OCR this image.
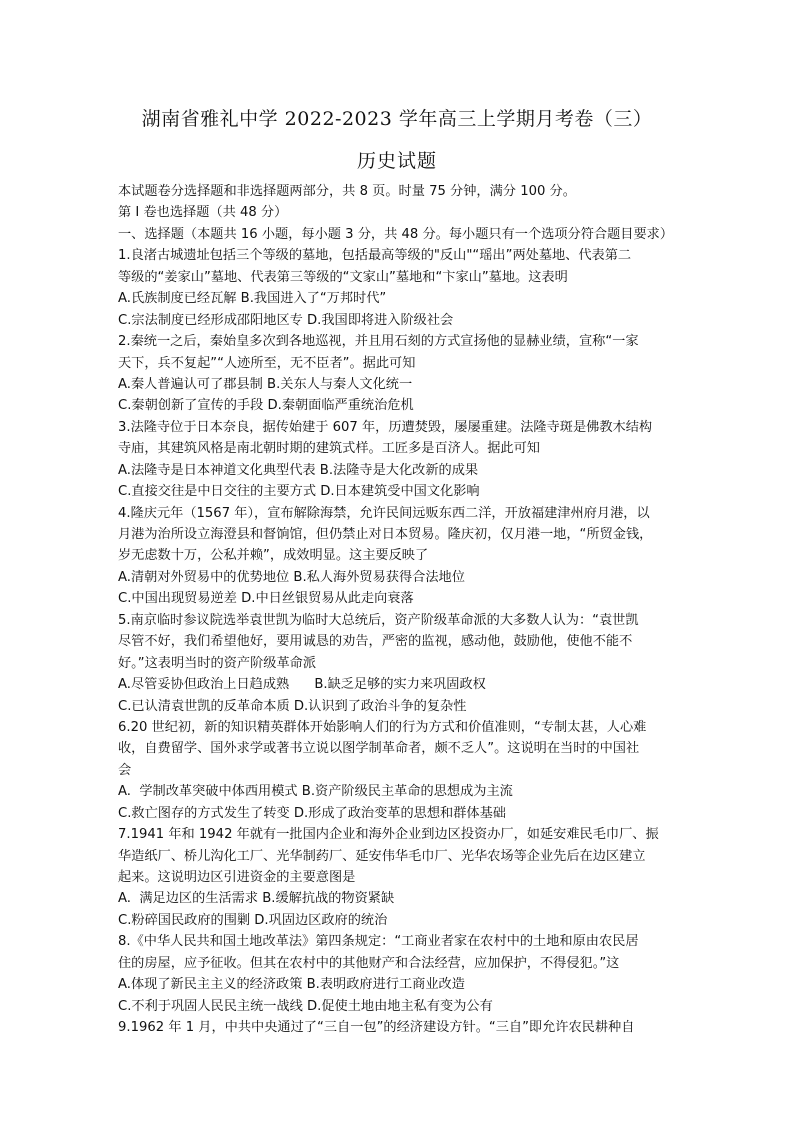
湖南省雅礼中学 2022-2023 学年高三上学期月考卷（三）
历史试题
本试题卷分选择题和非选择题两部分，共 8 页。时量 75 分钟，满分 100 分。
第 I 卷也选择题（共 48 分）
一、选择题（本题共 16 小题，每小题 3 分，共 48 分。每小题只有一个选项分符合题目要求）
1.良渚古城遗址包括三个等级的墓地，包括最高等级的"反山"“瑶出”两处墓地、代表第二
等级的“姜家山”墓地、代表第三等级的“文家山”墓地和“卞家山”墓地。这表明
A.氏族制度已经瓦解 B.我国进入了“万邦时代”
C.宗法制度已经形成邵阳地区专 D.我国即将进入阶级社会
2.秦统一之后，秦始皇多次到各地巡视，并且用石刻的方式宣扬他的显赫业绩，宣称“一家
天下，兵不复起”“人迹所至，无不臣者”。据此可知
A.秦人普遍认可了郡县制 B.关东人与秦人文化统一
C.秦朝创新了宣传的手段 D.秦朝面临严重统治危机
3.法隆寺位于日本奈良，据传始建于 607 年，历遭焚毁，屡屡重建。法隆寺斑是佛教木结构
寺庙，其建筑风格是南北朝时期的建筑式样。工匠多是百济人。据此可知
A.法隆寺是日本神道文化典型代表 B.法隆寺是大化改新的成果
C.直接交往是中日交往的主要方式 D.日本建筑受中国文化影响
4.隆庆元年（1567 年），宣布解除海禁，允许民间远贩东西二洋，开放福建津州府月港，以
月港为治所设立海澄县和督饷馆，但仍禁止对日本贸易。隆庆初，仅月港一地，“所贸金钱，
岁无虑数十万，公私并赖”，成效明显。这主要反映了
A.清朝对外贸易中的优势地位 B.私人海外贸易获得合法地位
C.中国出现贸易逆差 D.中日丝银贸易从此走向衰落
5.南京临时参议院选举袁世凯为临时大总统后，资产阶级革命派的大多数人认为：“袁世凯
尽管不好，我们希望他好，要用诚恳的劝告，严密的监视，感动他，鼓励他，使他不能不
好。”这表明当时的资产阶级革命派
A.尽管妥协但政治上日趋成熟      B.缺乏足够的实力来巩固政权
C.已认清袁世凯的反革命本质 D.认识到了政治斗争的复杂性
6.20 世纪初，新的知识精英群体开始影响人们的行为方式和价值准则，“专制太甚，人心难
收，自费留学、国外求学或著书立说以图学制革命者，颇不乏人”。这说明在当时的中国社
会
A.  学制改革突破中体西用模式 B.资产阶级民主革命的思想成为主流
C.救亡图存的方式发生了转变 D.形成了政治变革的思想和群体基础
7.1941 年和 1942 年就有一批国内企业和海外企业到边区投资办厂，如延安难民毛巾厂、振
华造纸厂、桥儿沟化工厂、光华制药厂、延安伟华毛巾厂、光华农场等企业先后在边区建立
起来。这说明边区引进资金的主要意图是
A.  满足边区的生活需求 B.缓解抗战的物资紧缺
C.粉碎国民政府的围剿 D.巩固边区政府的统治
8.《中华人民共和国土地改革法》第四条规定：“工商业者家在农村中的土地和原由农民居
住的房屋，应予征收。但其在农村中的其他财产和合法经营，应加保护，不得侵犯。”这
A.体现了新民主主义的经济政策 B.表明政府进行工商业改造
C.不利于巩固人民民主统一战线 D.促使土地由地主私有变为公有
9.1962 年 1 月，中共中央通过了“三自一包”的经济建设方针。“三自”即允许农民耕种自
